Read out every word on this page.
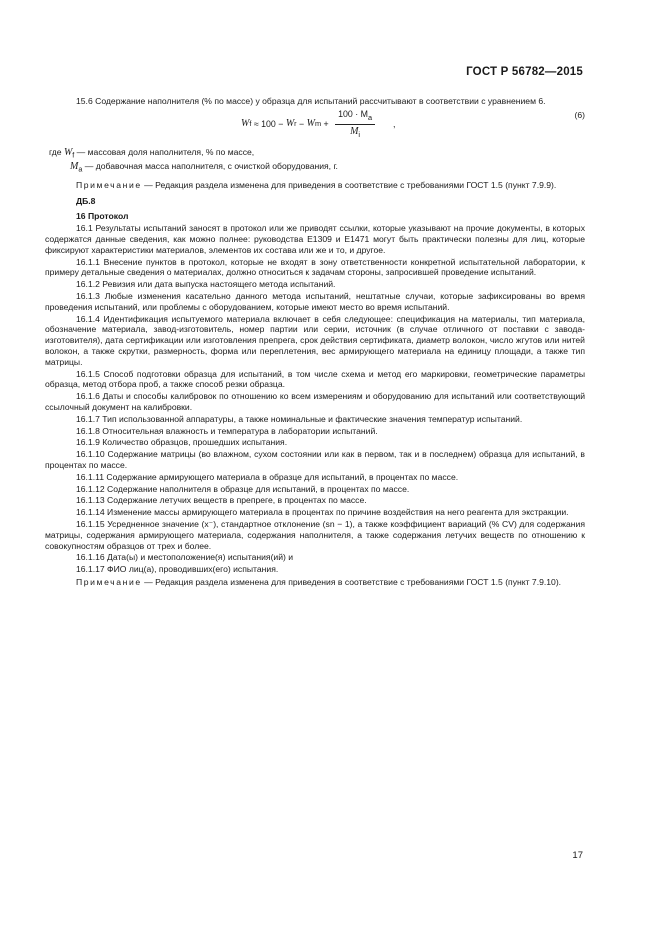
ГОСТ Р 56782—2015

15.6 Содержание наполнителя (% по массе) у образца для испытаний рассчитывают в соответствии с уравнением 6.

W f ≈ 100 − W r − W $m + \frac{100 \cdot M_a}{M_i}$ ,
(6)

где $W_f$ — массовая доля наполнителя, % по массе,

$M_a$ — добавочная масса наполнителя, с очисткой оборудования, г.

Примечание — Редакция раздела изменена для приведения в соответствие с требованиями ГОСТ 1.5 (пункт 7.9.9).

ДБ.8

16 Протокол

16.1 Результаты испытаний заносят в протокол или же приводят ссылки, которые указывают на прочие документы, в которых содержатся данные сведения, как можно полнее: руководства Е1309 и Е1471 могут быть практически полезны для лиц, которые фиксируют характеристики материалов, элементов их состава или же и то, и другое.

16.1.1 Внесение пунктов в протокол, которые не входят в зону ответственности конкретной испытательной лаборатории, к примеру детальные сведения о материалах, должно относиться к задачам стороны, запросившей проведение испытаний.

16.1.2 Ревизия или дата выпуска настоящего метода испытаний.

16.1.3 Любые изменения касательно данного метода испытаний, нештатные случаи, которые зафиксированы во время проведения испытаний, или проблемы с оборудованием, которые имеют место во время испытаний.

16.1.4 Идентификация испытуемого материала включает в себя следующее: спецификация на материалы, тип материала, обозначение материала, завод-изготовитель, номер партии или серии, источник (в случае отличного от поставки с завода-изготовителя), дата сертификации или изготовления препрега, срок действия сертификата, диаметр волокон, число жгутов или нитей волокон, а также скрутки, размерность, форма или переплетения, вес армирующего материала на единицу площади, а также тип матрицы.

16.1.5 Способ подготовки образца для испытаний, в том числе схема и метод его маркировки, геометрические параметры образца, метод отбора проб, а также способ резки образца.

16.1.6 Даты и способы калибровок по отношению ко всем измерениям и оборудованию для испытаний или соответствующий ссылочный документ на калибровки.

16.1.7 Тип использованной аппаратуры, а также номинальные и фактические значения температур испытаний.

16.1.8 Относительная влажность и температура в лаборатории испытаний.

16.1.9 Количество образцов, прошедших испытания.

16.1.10 Содержание матрицы (во влажном, сухом состоянии или как в первом, так и в последнем) образца для испытаний, в процентах по массе.

16.1.11 Содержание армирующего материала в образце для испытаний, в процентах по массе.

16.1.12 Содержание наполнителя в образце для испытаний, в процентах по массе.

16.1.13 Содержание летучих веществ в препреге, в процентах по массе.

16.1.14 Изменение массы армирующего материала в процентах по причине воздействия на него реагента для экстракции.

16.1.15 Усредненное значение (x⁻), стандартное отклонение (sn − 1), а также коэффициент вариаций (% CV) для содержания матрицы, содержания армирующего материала, содержания наполнителя, а также содержания летучих веществ по отношению к совокупностям образцов от трех и более.

16.1.16 Дата(ы) и местоположение(я) испытания(ий) и

16.1.17 ФИО лиц(а), проводивших(его) испытания.

Примечание — Редакция раздела изменена для приведения в соответствие с требованиями ГОСТ 1.5 (пункт 7.9.10).

17
